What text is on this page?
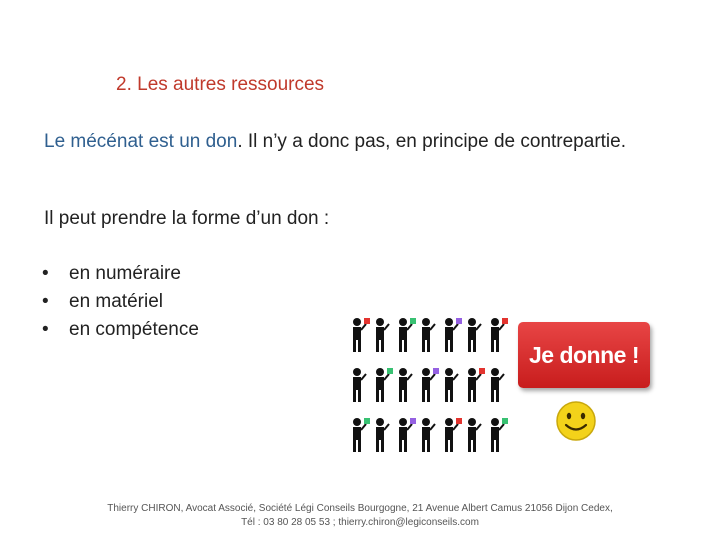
2. Les autres ressources
Le mécénat est un don. Il n’y a donc pas, en principe de contrepartie.
Il peut prendre la forme d’un don :
• en numéraire
• en matériel
• en compétence
Je donne !
Thierry CHIRON, Avocat Associé, Société Légi Conseils Bourgogne, 21 Avenue Albert Camus 21056 Dijon Cedex,
Tél : 03 80 28 05 53 ; thierry.chiron@legiconseils.com
